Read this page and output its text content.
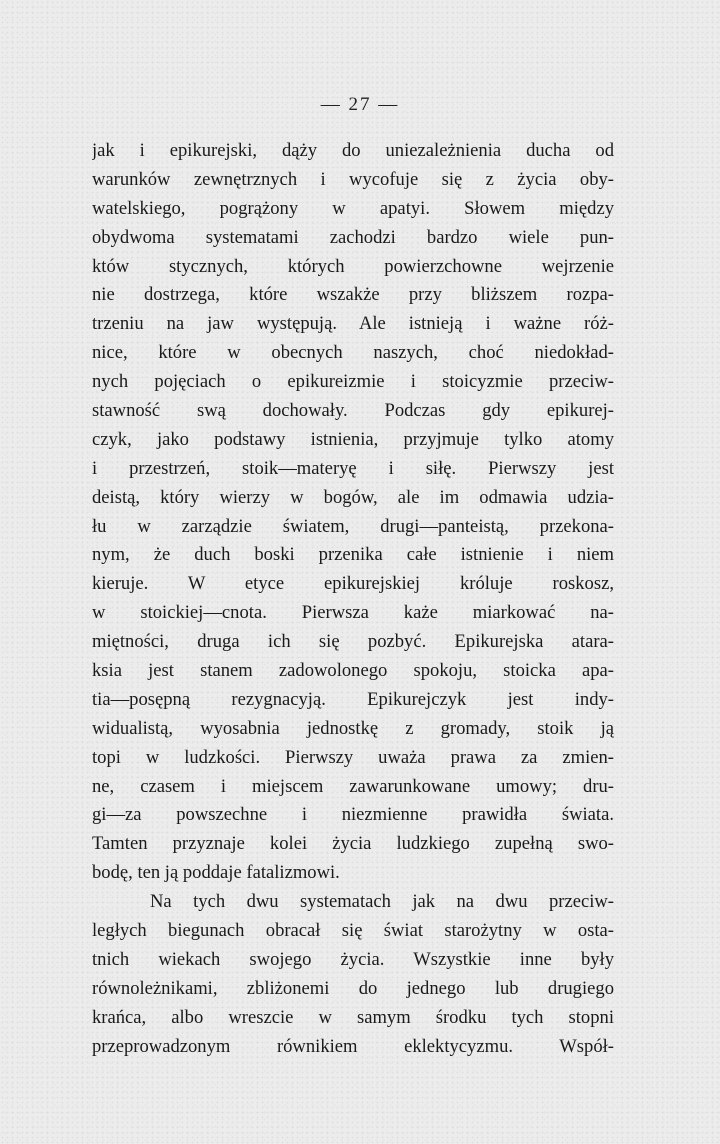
— 27 —
jak i epikurejski, dąży do uniezależnienia ducha od
warunków zewnętrznych i wycofuje się z życia oby-
watelskiego, pogrążony w apatyi. Słowem między
obydwoma systematami zachodzi bardzo wiele pun-
któw stycznych, których powierzchowne wejrzenie
nie dostrzega, które wszakże przy bliższem rozpa-
trzeniu na jaw występują. Ale istnieją i ważne róż-
nice, które w obecnych naszych, choć niedokład-
nych pojęciach o epikureizmie i stoicyzmie przeciw-
stawność swą dochowały. Podczas gdy epikurej-
czyk, jako podstawy istnienia, przyjmuje tylko atomy
i przestrzeń, stoik—materyę i siłę. Pierwszy jest
deistą, który wierzy w bogów, ale im odmawia udzia-
łu w zarządzie światem, drugi—panteistą, przekona-
nym, że duch boski przenika całe istnienie i niem
kieruje. W etyce epikurejskiej króluje roskosz,
w stoickiej—cnota. Pierwsza każe miarkować na-
miętności, druga ich się pozbyć. Epikurejska atara-
ksia jest stanem zadowolonego spokoju, stoicka apa-
tia—posępną rezygnacyją. Epikurejczyk jest indy-
widualistą, wyosabnia jednostkę z gromady, stoik ją
topi w ludzkości. Pierwszy uważa prawa za zmien-
ne, czasem i miejscem zawarunkowane umowy; dru-
gi—za powszechne i niezmienne prawidła świata.
Tamten przyznaje kolei życia ludzkiego zupełną swo-
bodę, ten ją poddaje fatalizmowi.
Na tych dwu systematach jak na dwu przeciw-
ległych biegunach obracał się świat starożytny w osta-
tnich wiekach swojego życia. Wszystkie inne były
równoleżnikami, zbliżonemi do jednego lub drugiego
krańca, albo wreszcie w samym środku tych stopni
przeprowadzonym równikiem eklektycyzmu. Współ-
